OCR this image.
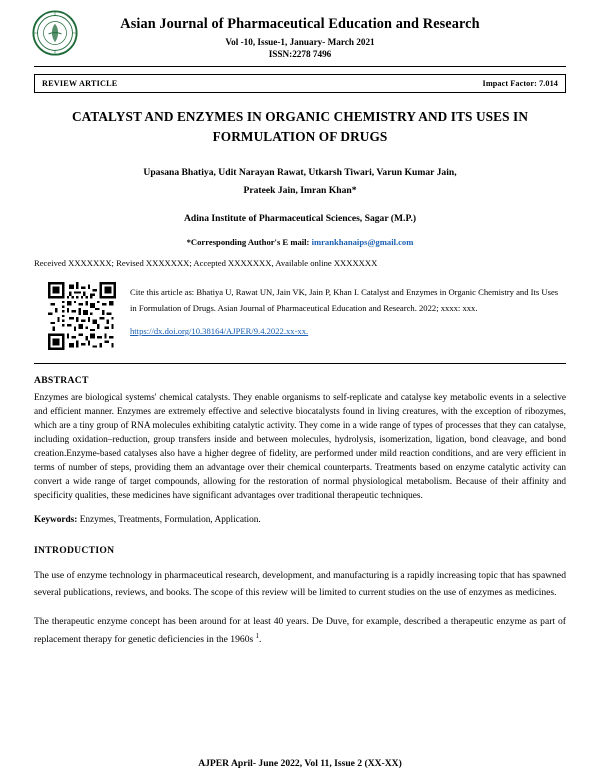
Asian Journal of Pharmaceutical Education and Research
Vol -10, Issue-1, January- March 2021
ISSN:2278 7496
REVIEW ARTICLE	Impact Factor: 7.014
CATALYST AND ENZYMES IN ORGANIC CHEMISTRY AND ITS USES IN FORMULATION OF DRUGS
Upasana Bhatiya, Udit Narayan Rawat, Utkarsh Tiwari, Varun Kumar Jain,
Prateek Jain, Imran Khan*
Adina Institute of Pharmaceutical Sciences, Sagar (M.P.)
*Corresponding Author's E mail: imrankhanaips@gmail.com
Received XXXXXXX; Revised XXXXXXX; Accepted XXXXXXX, Available online XXXXXXX
Cite this article as: Bhatiya U, Rawat UN, Jain VK, Jain P, Khan I. Catalyst and Enzymes in Organic Chemistry and Its Uses in Formulation of Drugs. Asian Journal of Pharmaceutical Education and Research. 2022; xxxx: xxx.
https://dx.doi.org/10.38164/AJPER/9.4.2022.xx-xx.
ABSTRACT
Enzymes are biological systems' chemical catalysts. They enable organisms to self-replicate and catalyse key metabolic events in a selective and efficient manner. Enzymes are extremely effective and selective biocatalysts found in living creatures, with the exception of ribozymes, which are a tiny group of RNA molecules exhibiting catalytic activity. They come in a wide range of types of processes that they can catalyse, including oxidation–reduction, group transfers inside and between molecules, hydrolysis, isomerization, ligation, bond cleavage, and bond creation.Enzyme-based catalyses also have a higher degree of fidelity, are performed under mild reaction conditions, and are very efficient in terms of number of steps, providing them an advantage over their chemical counterparts. Treatments based on enzyme catalytic activity can convert a wide range of target compounds, allowing for the restoration of normal physiological metabolism. Because of their affinity and specificity qualities, these medicines have significant advantages over traditional therapeutic techniques.
Keywords: Enzymes, Treatments, Formulation, Application.
INTRODUCTION
The use of enzyme technology in pharmaceutical research, development, and manufacturing is a rapidly increasing topic that has spawned several publications, reviews, and books. The scope of this review will be limited to current studies on the use of enzymes as medicines.
The therapeutic enzyme concept has been around for at least 40 years. De Duve, for example, described a therapeutic enzyme as part of replacement therapy for genetic deficiencies in the 1960s $^1$.
AJPER April- June 2022, Vol 11, Issue 2 (XX-XX)
